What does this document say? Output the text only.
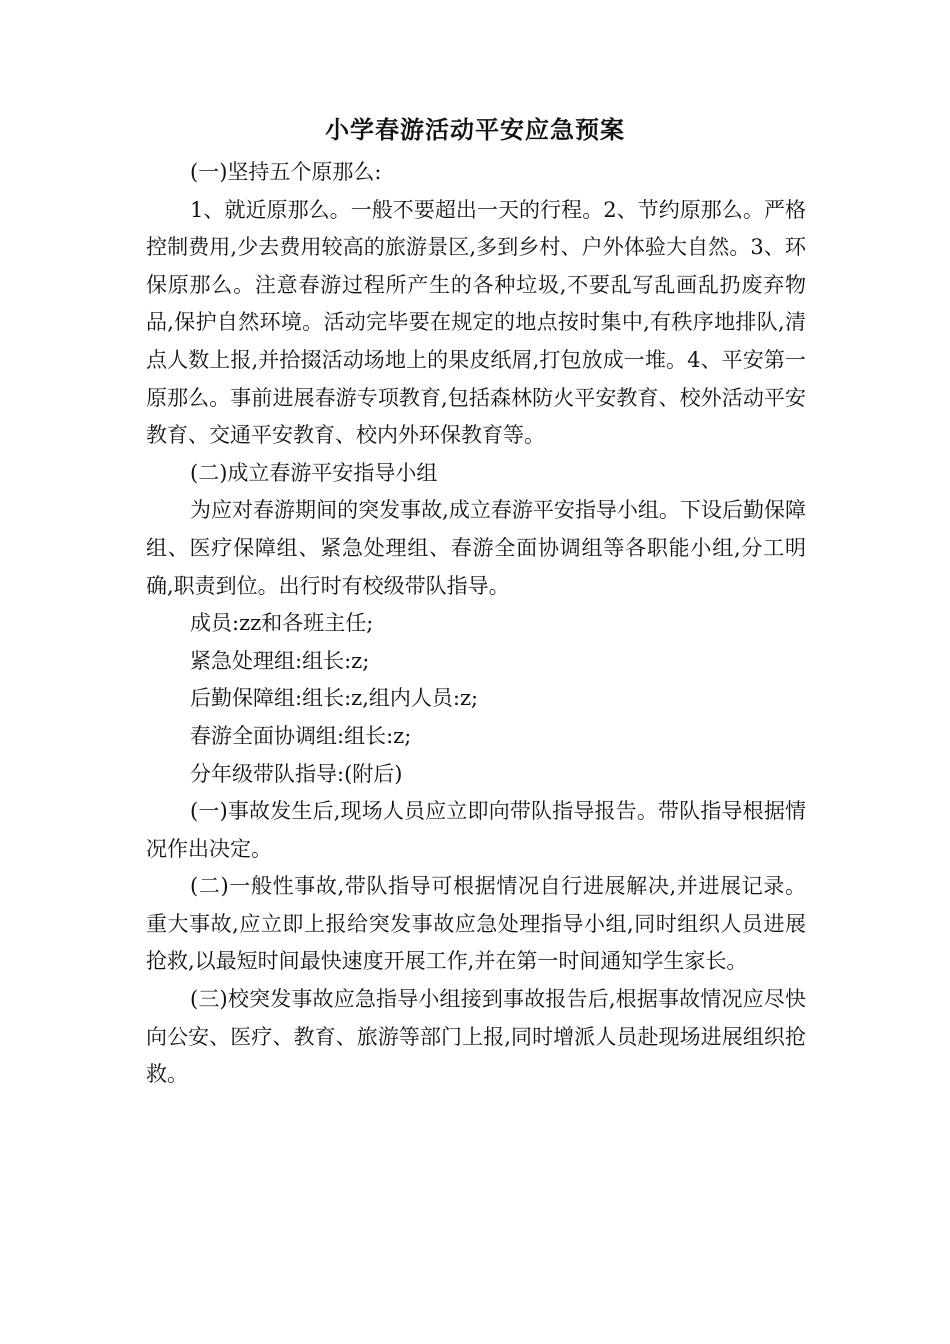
小学春游活动平安应急预案

(一)坚持五个原那么:

1、就近原那么。一般不要超出一天的行程。2、节约原那么。严格控制费用,少去费用较高的旅游景区,多到乡村、户外体验大自然。3、环保原那么。注意春游过程所产生的各种垃圾,不要乱写乱画乱扔废弃物品,保护自然环境。活动完毕要在规定的地点按时集中,有秩序地排队,清点人数上报,并拾掇活动场地上的果皮纸屑,打包放成一堆。4、平安第一原那么。事前进展春游专项教育,包括森林防火平安教育、校外活动平安教育、交通平安教育、校内外环保教育等。

(二)成立春游平安指导小组

为应对春游期间的突发事故,成立春游平安指导小组。下设后勤保障组、医疗保障组、紧急处理组、春游全面协调组等各职能小组,分工明确,职责到位。出行时有校级带队指导。

成员:zz和各班主任;

紧急处理组:组长:z;

后勤保障组:组长:z,组内人员:z;

春游全面协调组:组长:z;

分年级带队指导:(附后)

(一)事故发生后,现场人员应立即向带队指导报告。带队指导根据情况作出决定。

(二)一般性事故,带队指导可根据情况自行进展解决,并进展记录。重大事故,应立即上报给突发事故应急处理指导小组,同时组织人员进展抢救,以最短时间最快速度开展工作,并在第一时间通知学生家长。

(三)校突发事故应急指导小组接到事故报告后,根据事故情况应尽快向公安、医疗、教育、旅游等部门上报,同时增派人员赴现场进展组织抢救。
